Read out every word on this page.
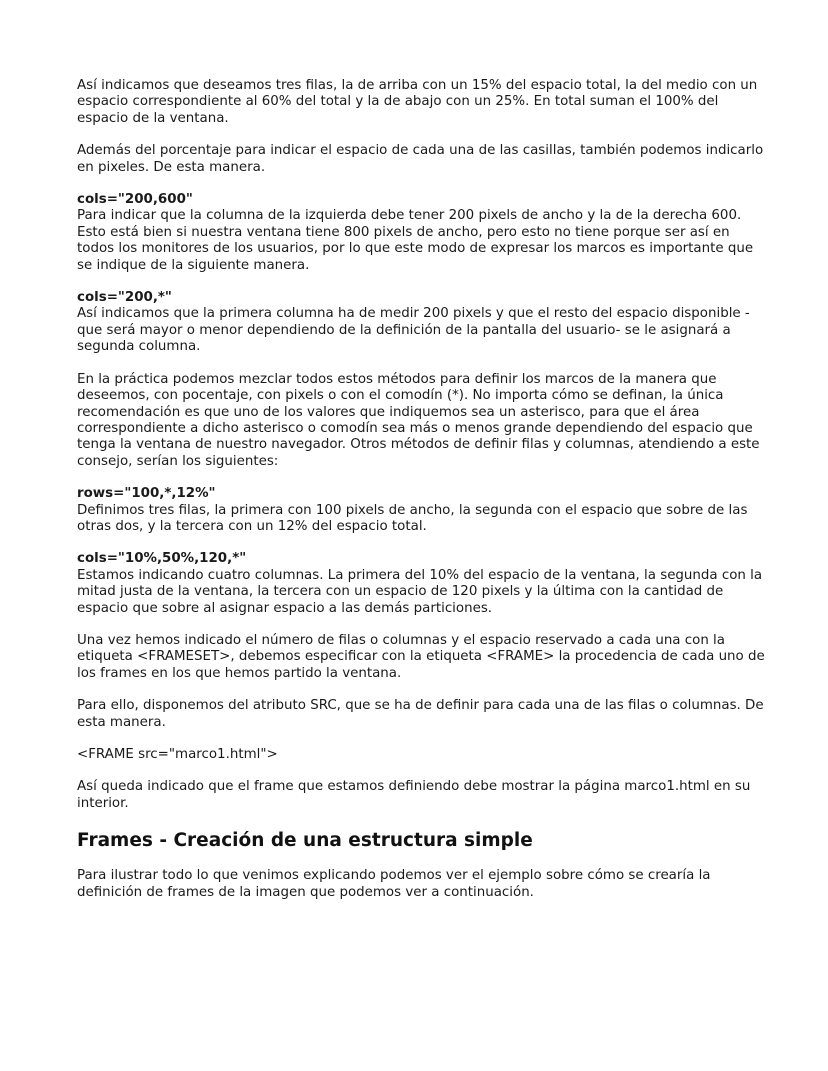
Así indicamos que deseamos tres filas, la de arriba con un 15% del espacio total, la del medio con un espacio correspondiente al 60% del total y la de abajo con un 25%. En total suman el 100% del espacio de la ventana.

Además del porcentaje para indicar el espacio de cada una de las casillas, también podemos indicarlo en pixeles. De esta manera.

cols="200,600"

Para indicar que la columna de la izquierda debe tener 200 pixels de ancho y la de la derecha 600. Esto está bien si nuestra ventana tiene 800 pixels de ancho, pero esto no tiene porque ser así en todos los monitores de los usuarios, por lo que este modo de expresar los marcos es importante que se indique de la siguiente manera.

cols="200,*"

Así indicamos que la primera columna ha de medir 200 pixels y que el resto del espacio disponible -que será mayor o menor dependiendo de la definición de la pantalla del usuario- se le asignará a segunda columna.

En la práctica podemos mezclar todos estos métodos para definir los marcos de la manera que deseemos, con pocentaje, con pixels o con el comodín (*). No importa cómo se definan, la única recomendación es que uno de los valores que indiquemos sea un asterisco, para que el área correspondiente a dicho asterisco o comodín sea más o menos grande dependiendo del espacio que tenga la ventana de nuestro navegador. Otros métodos de definir filas y columnas, atendiendo a este consejo, serían los siguientes:

rows="100,*,12%"

Definimos tres filas, la primera con 100 pixels de ancho, la segunda con el espacio que sobre de las otras dos, y la tercera con un 12% del espacio total.

cols="10%,50%,120,*"

Estamos indicando cuatro columnas. La primera del 10% del espacio de la ventana, la segunda con la mitad justa de la ventana, la tercera con un espacio de 120 pixels y la última con la cantidad de espacio que sobre al asignar espacio a las demás particiones.

Una vez hemos indicado el número de filas o columnas y el espacio reservado a cada una con la etiqueta <FRAMESET>, debemos especificar con la etiqueta <FRAME> la procedencia de cada uno de los frames en los que hemos partido la ventana.

Para ello, disponemos del atributo SRC, que se ha de definir para cada una de las filas o columnas. De esta manera.

<FRAME src="marco1.html">

Así queda indicado que el frame que estamos definiendo debe mostrar la página marco1.html en su interior.

Frames - Creación de una estructura simple

Para ilustrar todo lo que venimos explicando podemos ver el ejemplo sobre cómo se crearía la definición de frames de la imagen que podemos ver a continuación.
